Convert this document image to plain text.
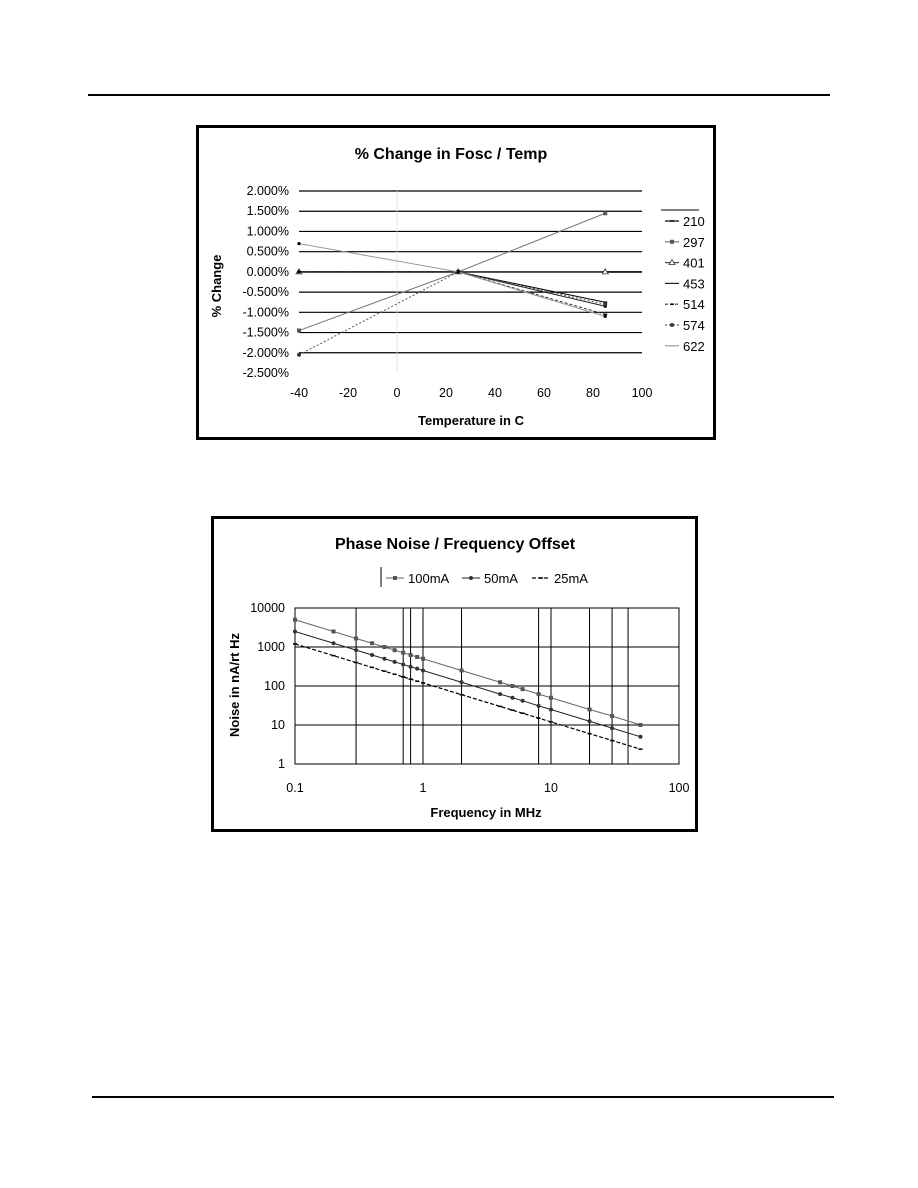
% Change in Fosc / Temp
2.000%
1.500%
1.000%
0.500%
0.000%
-0.500%
-1.000%
-1.500%
-2.000%
-2.500%
-40 -20	0	20	40	60	80	100
210
297
401
453
514
574
622
Temperature in C
% Change
Phase Noise / Frequency Offset
100mA	50mA	25mA
10000
1000
100
10
1
0.1	1	10	100
Frequency in MHz
Noise in nA/rt Hz
